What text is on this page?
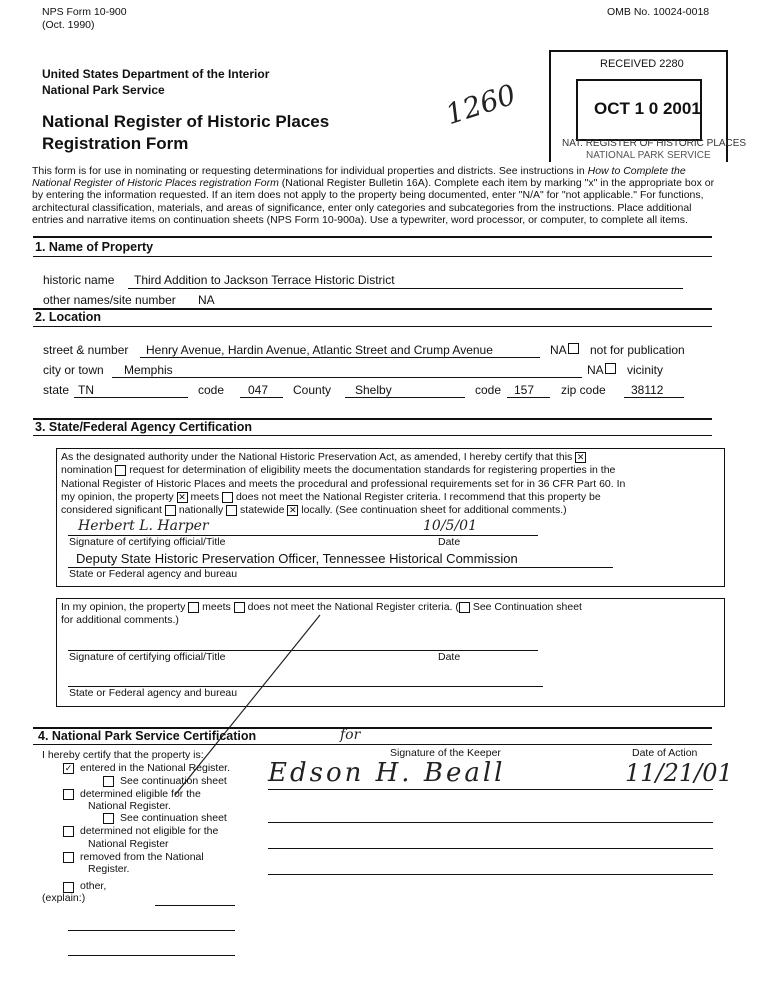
NPS Form 10-900
(Oct. 1990)
OMB No. 10024-0018
United States Department of the Interior
National Park Service
National Register of Historic Places
Registration Form
1260
RECEIVED 2280
OCT 1 0 2001
NAT. REGISTER OF HISTORIC PLACES
NATIONAL PARK SERVICE
This form is for use in nominating or requesting determinations for individual properties and districts. See instructions in How to Complete the
National Register of Historic Places registration Form (National Register Bulletin 16A). Complete each item by marking "x" in the appropriate box or
by entering the information requested. If an item does not apply to the property being documented, enter "N/A" for "not applicable." For functions,
architectural classification, materials, and areas of significance, enter only categories and subcategories from the instructions. Place additional
entries and narrative items on continuation sheets (NPS Form 10-900a). Use a typewriter, word processor, or computer, to complete all items.
1. Name of Property
historic name Third Addition to Jackson Terrace Historic District
other names/site number NA
2. Location
street & number Henry Avenue, Hardin Avenue, Atlantic Street and Crump Avenue	NA not for publication
city or town Memphis	NA vicinity
state TN	code 047 County Shelby	code 157 zip code 38112
3. State/Federal Agency Certification
As the designated authority under the National Historic Preservation Act, as amended, I hereby certify that this ✕
nomination request for determination of eligibility meets the documentation standards for registering properties in the
National Register of Historic Places and meets the procedural and professional requirements set for in 36 CFR Part 60. In
my opinion, the property ✕ meets does not meet the National Register criteria. I recommend that this property be
considered significant nationally statewide ✕ locally. (See continuation sheet for additional comments.)
Herbert L. Harper	10/5/01
Signature of certifying official/Title	Date
Deputy State Historic Preservation Officer, Tennessee Historical Commission
State or Federal agency and bureau
In my opinion, the property meets does not meet the National Register criteria. ( See Continuation sheet
for additional comments.)
Signature of certifying official/Title	Date
State or Federal agency and bureau
4. National Park Service Certification
I hereby certify that the property is:
✓ entered in the National Register.
See continuation sheet
determined eligible for the
National Register.
See continuation sheet
determined not eligible for the
National Register
removed from the National
Register.
other,
(explain:)
Signature of the Keeper	Date of Action
for
Edson H. Beall	11/21/01
